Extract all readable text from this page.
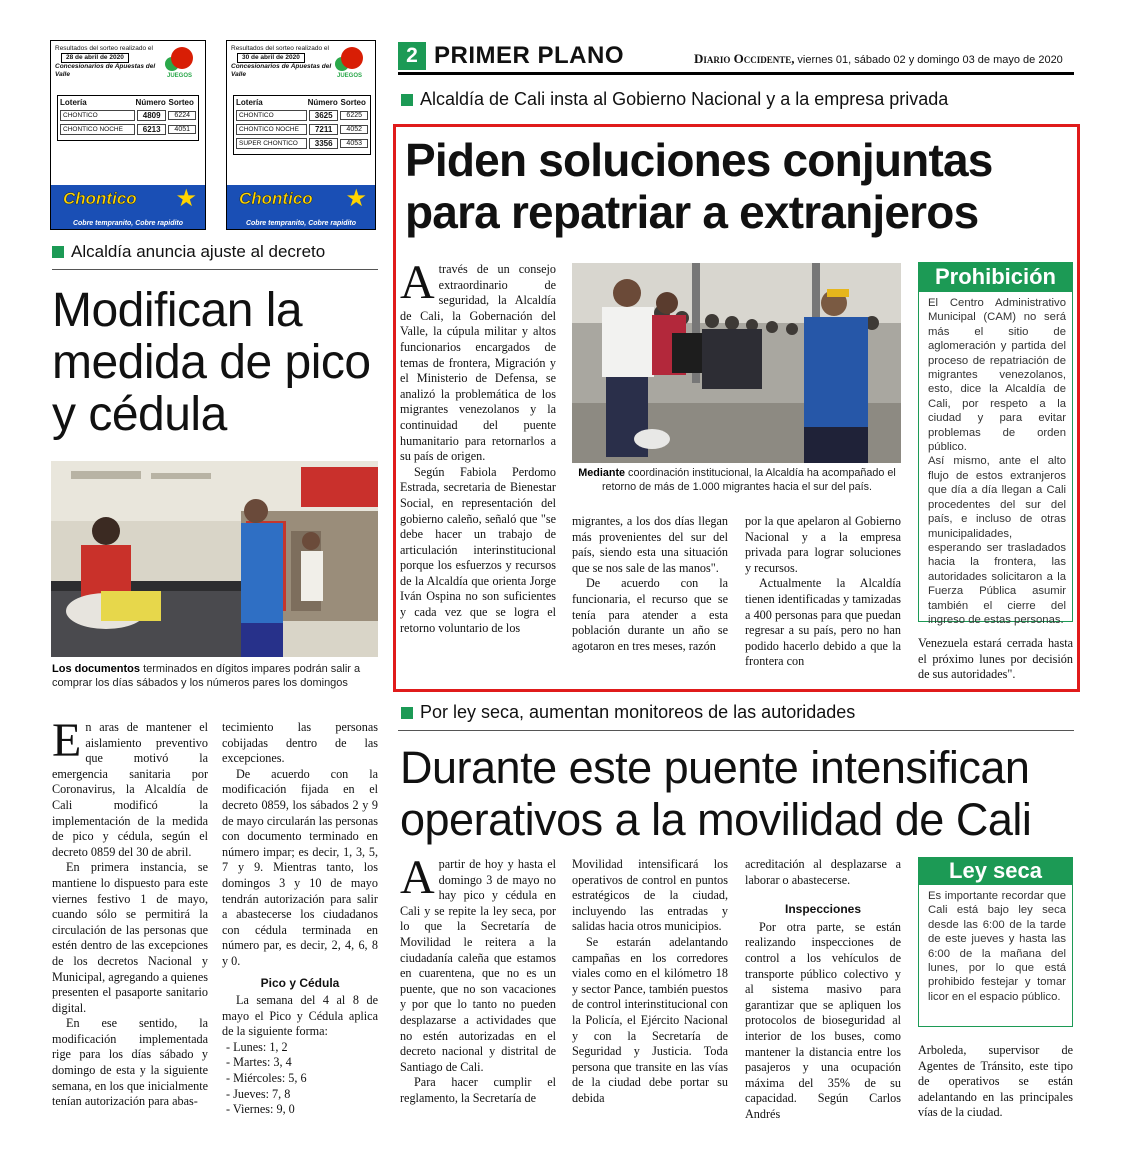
Resultados del sorteo realizado el
28 de abril de 2020
Concesionarios de Apuestas del Valle	JUEGOS
Lotería	Número Sorteo
CHONTICO	4809	6224
CHONTICO NOCHE	6213	4051
Chontico ★
Cobre tempranito, Cobre rapidito
Resultados del sorteo realizado el
30 de abril de 2020
Concesionarios de Apuestas del Valle	JUEGOS
Lotería	Número Sorteo
CHONTICO	3625	6225
CHONTICO NOCHE	7211	4052
SUPER CHONTICO	3356	4053
Chontico ★
Cobre tempranito, Cobre rapidito
2 PRIMER PLANO	Diario Occidente, viernes 01, sábado 02 y domingo 03 de mayo de 2020
Alcaldía anuncia ajuste al decreto
Modifican la medida de pico y cédula
Los documentos terminados en dígitos impares podrán salir a comprar los días sábados y los números pares los domingos

En aras de mantener el aislamiento preventivo que motivó la emergencia sanitaria por Coronavirus, la Alcaldía de Cali modificó la implementación de la medida de pico y cédula, según el decreto 0859 del 30 de abril.

En primera instancia, se mantiene lo dispuesto para este viernes festivo 1 de mayo, cuando sólo se permitirá la circulación de las personas que estén dentro de las excepciones de los decretos Nacional y Municipal, agregando a quienes presenten el pasaporte sanitario digital.

En ese sentido, la modificación implementada rige para los días sábado y domingo de esta y la siguiente semana, en los que inicialmente tenían autorización para abas-

tecimiento las personas cobijadas dentro de las excepciones.

De acuerdo con la modificación fijada en el decreto 0859, los sábados 2 y 9 de mayo circularán las personas con documento terminado en número impar; es decir, 1, 3, 5, 7 y 9. Mientras tanto, los domingos 3 y 10 de mayo tendrán autorización para salir a abastecerse los ciudadanos con cédula terminada en número par, es decir, 2, 4, 6, 8 y 0.

Pico y Cédula

La semana del 4 al 8 de mayo el Pico y Cédula aplica de la siguiente forma:

- Lunes: 1, 2
- Martes: 3, 4
- Miércoles: 5, 6
- Jueves: 7, 8
- Viernes: 9, 0
Alcaldía de Cali insta al Gobierno Nacional y a la empresa privada
Piden soluciones conjuntas
para repatriar a extranjeros

Através de un consejo extraordinario de seguridad, la Alcaldía de Cali, la Gobernación del Valle, la cúpula militar y altos funcionarios encargados de temas de frontera, Migración y el Ministerio de Defensa, se analizó la problemática de los migrantes venezolanos y la continuidad del puente humanitario para retornarlos a su país de origen.

Según Fabiola Perdomo Estrada, secretaria de Bienestar Social, en representación del gobierno caleño, señaló que "se debe hacer un trabajo de articulación interinstitucional porque los esfuerzos y recursos de la Alcaldía que orienta Jorge Iván Ospina no son suficientes y cada vez que se logra el retorno voluntario de los

Mediante coordinación institucional, la Alcaldía ha acompañado el retorno de más de 1.000 migrantes hacia el sur del país.

migrantes, a los dos días llegan más provenientes del sur del país, siendo esta una situación que se nos sale de las manos".

De acuerdo con la funcionaria, el recurso que se tenía para atender a esta población durante un año se agotaron en tres meses, razón

por la que apelaron al Gobierno Nacional y a la empresa privada para lograr soluciones y recursos.

Actualmente la Alcaldía tienen identificadas y tamizadas a 400 personas para que puedan regresar a su país, pero no han podido hacerlo debido a que la frontera con

Prohibición

El Centro Administrativo Municipal (CAM) no será más el sitio de aglomeración y partida del proceso de repatriación de migrantes venezolanos, esto, dice la Alcaldía de Cali, por respeto a la ciudad y para evitar problemas de orden público.

Así mismo, ante el alto flujo de estos extranjeros que día a día llegan a Cali procedentes del sur del país, e incluso de otras municipalidades, esperando ser trasladados hacia la frontera, las autoridades solicitaron a la Fuerza Pública asumir también el cierre del ingreso de estas personas.

Venezuela estará cerrada hasta el próximo lunes por decisión de sus autoridades".

Por ley seca, aumentan monitoreos de las autoridades
Durante este puente intensifican
operativos a la movilidad de Cali

Apartir de hoy y hasta el domingo 3 de mayo no hay pico y cédula en Cali y se repite la ley seca, por lo que la Secretaría de Movilidad le reitera a la ciudadanía caleña que estamos en cuarentena, que no es un puente, que no son vacaciones y por que lo tanto no pueden desplazarse a actividades que no estén autorizadas en el decreto nacional y distrital de Santiago de Cali.

Para hacer cumplir el reglamento, la Secretaría de

Movilidad intensificará los operativos de control en puntos estratégicos de la ciudad, incluyendo las entradas y salidas hacia otros municipios.

Se estarán adelantando campañas en los corredores viales como en el kilómetro 18 y sector Pance, también puestos de control interinstitucional con la Policía, el Ejército Nacional y con la Secretaría de Seguridad y Justicia. Toda persona que transite en las vías de la ciudad debe portar su debida

acreditación al desplazarse a laborar o abastecerse.

Inspecciones

Por otra parte, se están realizando inspecciones de control a los vehículos de transporte público colectivo y al sistema masivo para garantizar que se apliquen los protocolos de bioseguridad al interior de los buses, como mantener la distancia entre los pasajeros y una ocupación máxima del 35% de su capacidad. Según Carlos Andrés

Ley seca
Es importante recordar que Cali está bajo ley seca desde las 6:00 de la tarde de este jueves y hasta las 6:00 de la mañana del lunes, por lo que está prohibido festejar y tomar licor en el espacio público.

Arboleda, supervisor de Agentes de Tránsito, este tipo de operativos se están adelantando en las principales vías de la ciudad.
